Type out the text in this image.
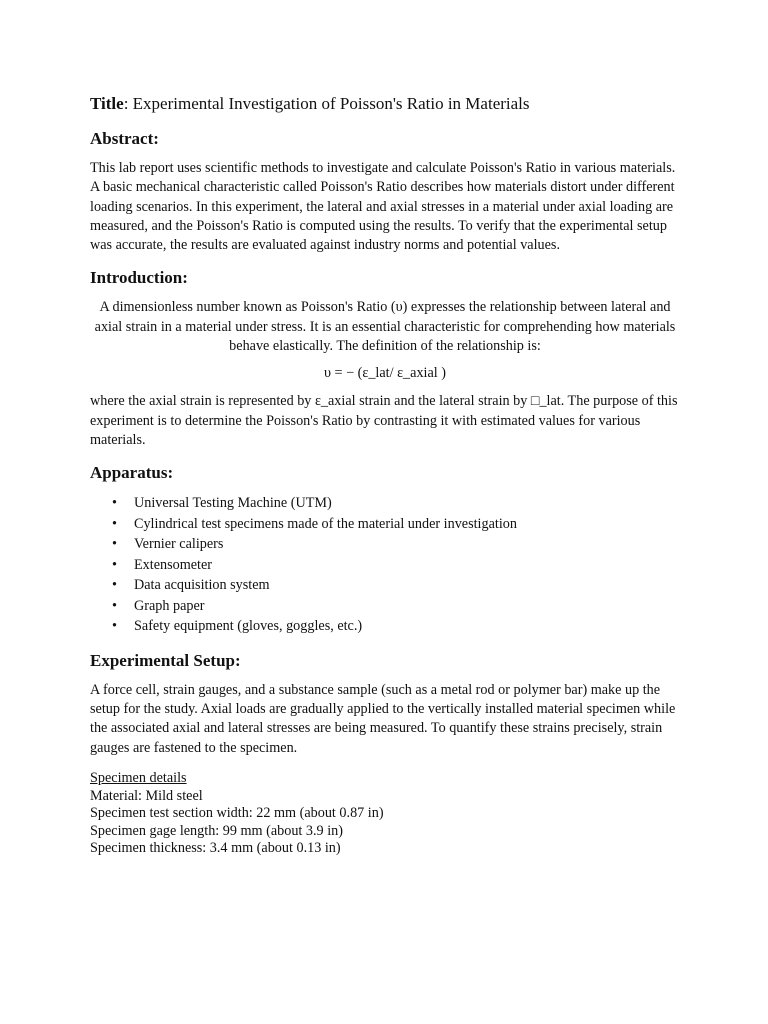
Title: Experimental Investigation of Poisson's Ratio in Materials
Abstract:

This lab report uses scientific methods to investigate and calculate Poisson's Ratio in various materials. A basic mechanical characteristic called Poisson's Ratio describes how materials distort under different loading scenarios. In this experiment, the lateral and axial stresses in a material under axial loading are measured, and the Poisson's Ratio is computed using the results. To verify that the experimental setup was accurate, the results are evaluated against industry norms and potential values.

Introduction:

A dimensionless number known as Poisson's Ratio (υ) expresses the relationship between lateral and axial strain in a material under stress. It is an essential characteristic for comprehending how materials behave elastically. The definition of the relationship is:

υ = − (ε_lat/ ε_axial )

where the axial strain is represented by ε_axial strain and the lateral strain by □_lat. The purpose of this experiment is to determine the Poisson's Ratio by contrasting it with estimated values for various materials.

Apparatus:
• Universal Testing Machine (UTM)
• Cylindrical test specimens made of the material under investigation
• Vernier calipers
• Extensometer
• Data acquisition system
• Graph paper
• Safety equipment (gloves, goggles, etc.)
Experimental Setup:

A force cell, strain gauges, and a substance sample (such as a metal rod or polymer bar) make up the setup for the study. Axial loads are gradually applied to the vertically installed material specimen while the associated axial and lateral stresses are being measured. To quantify these strains precisely, strain gauges are fastened to the specimen.

Specimen details
Material: Mild steel
Specimen test section width: 22 mm (about 0.87 in)
Specimen gage length: 99 mm (about 3.9 in)
Specimen thickness: 3.4 mm (about 0.13 in)
